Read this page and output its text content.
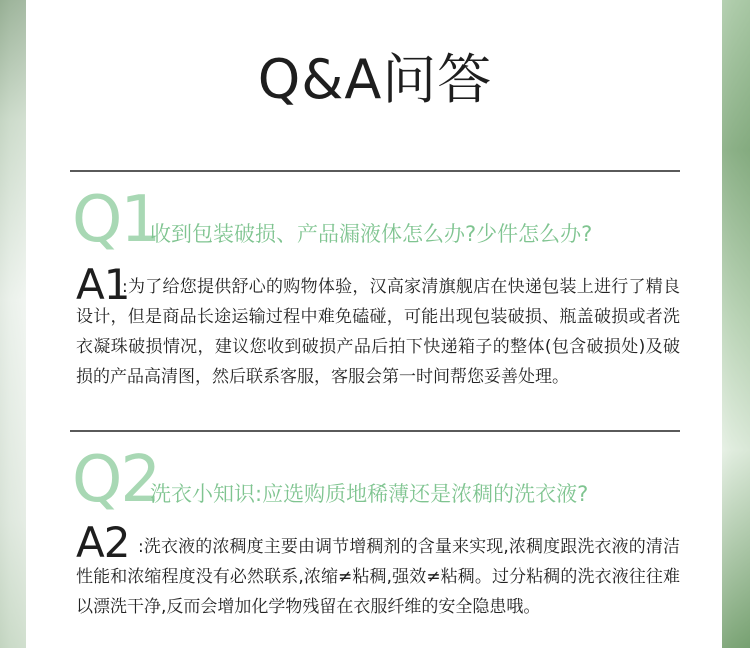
Q&A问答
Q1
收到包装破损、产品漏液体怎么办?少件怎么办?
A1
:为了给您提供舒心的购物体验，汉高家清旗舰店在快递包装上进行了精良设计，但是商品长途运输过程中难免磕碰，可能出现包装破损、瓶盖破损或者洗衣凝珠破损情况，建议您收到破损产品后拍下快递箱子的整体(包含破损处)及破损的产品高清图，然后联系客服，客服会第一时间帮您妥善处理。
Q2
洗衣小知识:应选购质地稀薄还是浓稠的洗衣液?
A2 :洗衣液的浓稠度主要由调节增稠剂的含量来实现,浓稠度跟洗衣液的清洁性能和浓缩程度没有必然联系,浓缩≠粘稠,强效≠粘稠。过分粘稠的洗衣液往往难以漂洗干净,反而会增加化学物残留在衣服纤维的安全隐患哦。
